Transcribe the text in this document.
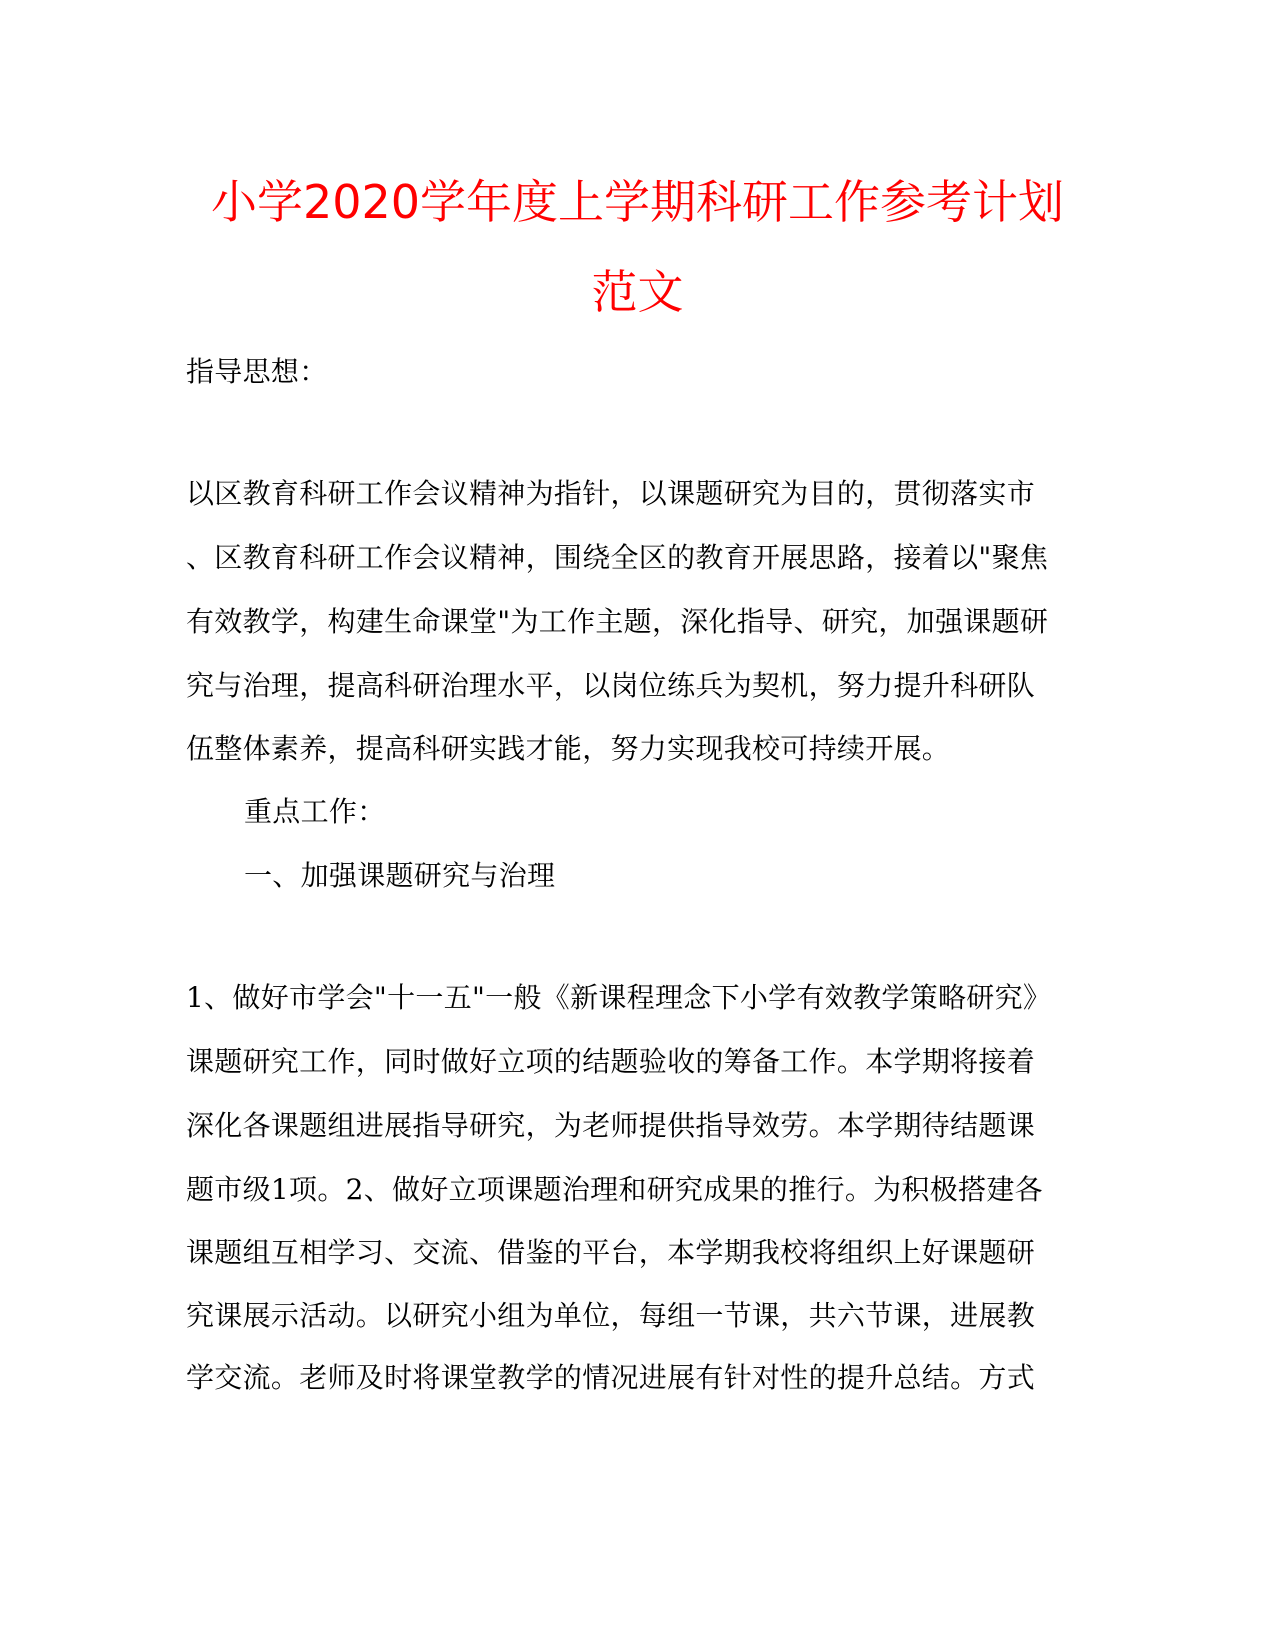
小学2020学年度上学期科研工作参考计划
范文
指导思想：
以区教育科研工作会议精神为指针，以课题研究为目的，贯彻落实市
、区教育科研工作会议精神，围绕全区的教育开展思路，接着以"聚焦
有效教学，构建生命课堂"为工作主题，深化指导、研究，加强课题研
究与治理，提高科研治理水平，以岗位练兵为契机，努力提升科研队
伍整体素养，提高科研实践才能，努力实现我校可持续开展。
重点工作：
一、加强课题研究与治理
1、做好市学会"十一五"一般《新课程理念下小学有效教学策略研究》
课题研究工作，同时做好立项的结题验收的筹备工作。本学期将接着
深化各课题组进展指导研究，为老师提供指导效劳。本学期待结题课
题市级1项。2、做好立项课题治理和研究成果的推行。为积极搭建各
课题组互相学习、交流、借鉴的平台，本学期我校将组织上好课题研
究课展示活动。以研究小组为单位，每组一节课，共六节课，进展教
学交流。老师及时将课堂教学的情况进展有针对性的提升总结。方式
